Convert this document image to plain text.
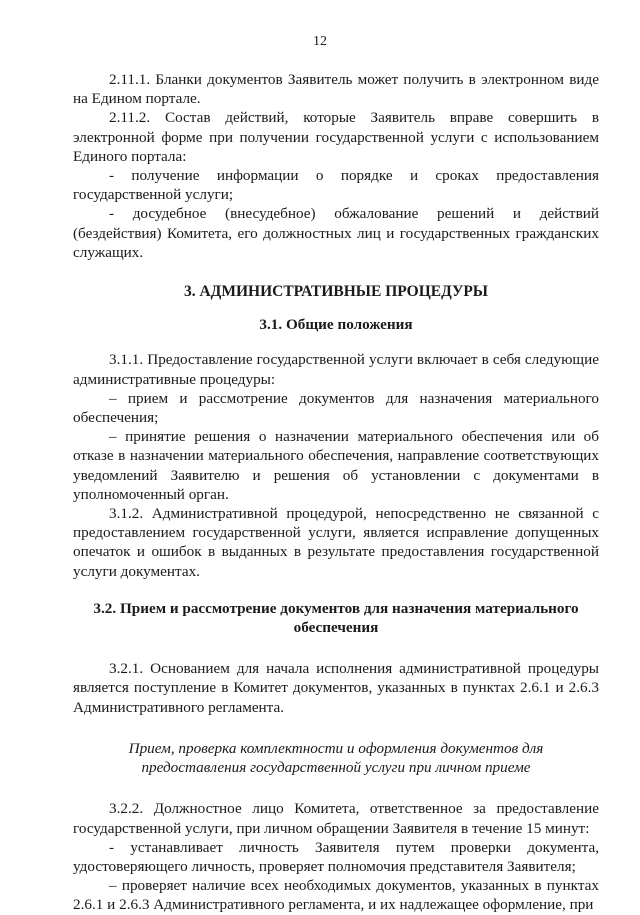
12

2.11.1. Бланки документов Заявитель может получить в электронном виде на Едином портале.

2.11.2. Состав действий, которые Заявитель вправе совершить в электронной форме при получении государственной услуги с использованием Единого портала:

- получение информации о порядке и сроках предоставления государственной услуги;

- досудебное (внесудебное) обжалование решений и действий (бездействия) Комитета, его должностных лиц и государственных гражданских служащих.

3. АДМИНИСТРАТИВНЫЕ ПРОЦЕДУРЫ

3.1. Общие положения

3.1.1. Предоставление государственной услуги включает в себя следующие административные процедуры:

– прием и рассмотрение документов для назначения материального обеспечения;

– принятие решения о назначении материального обеспечения или об отказе в назначении материального обеспечения, направление соответствующих уведомлений Заявителю и решения об установлении с документами в уполномоченный орган.

3.1.2. Административной процедурой, непосредственно не связанной с предоставлением государственной услуги, является исправление допущенных опечаток и ошибок в выданных в результате предоставления государственной услуги документах.

3.2. Прием и рассмотрение документов для назначения материального обеспечения

3.2.1. Основанием для начала исполнения административной процедуры является поступление в Комитет документов, указанных в пунктах 2.6.1 и 2.6.3 Административного регламента.

Прием, проверка комплектности и оформления документов для предоставления государственной услуги при личном приеме

3.2.2. Должностное лицо Комитета, ответственное за предоставление государственной услуги, при личном обращении Заявителя в течение 15 минут:

- устанавливает личность Заявителя путем проверки документа, удостоверяющего личность, проверяет полномочия представителя Заявителя;

– проверяет наличие всех необходимых документов, указанных в пунктах 2.6.1 и 2.6.3 Административного регламента, и их надлежащее оформление, при
